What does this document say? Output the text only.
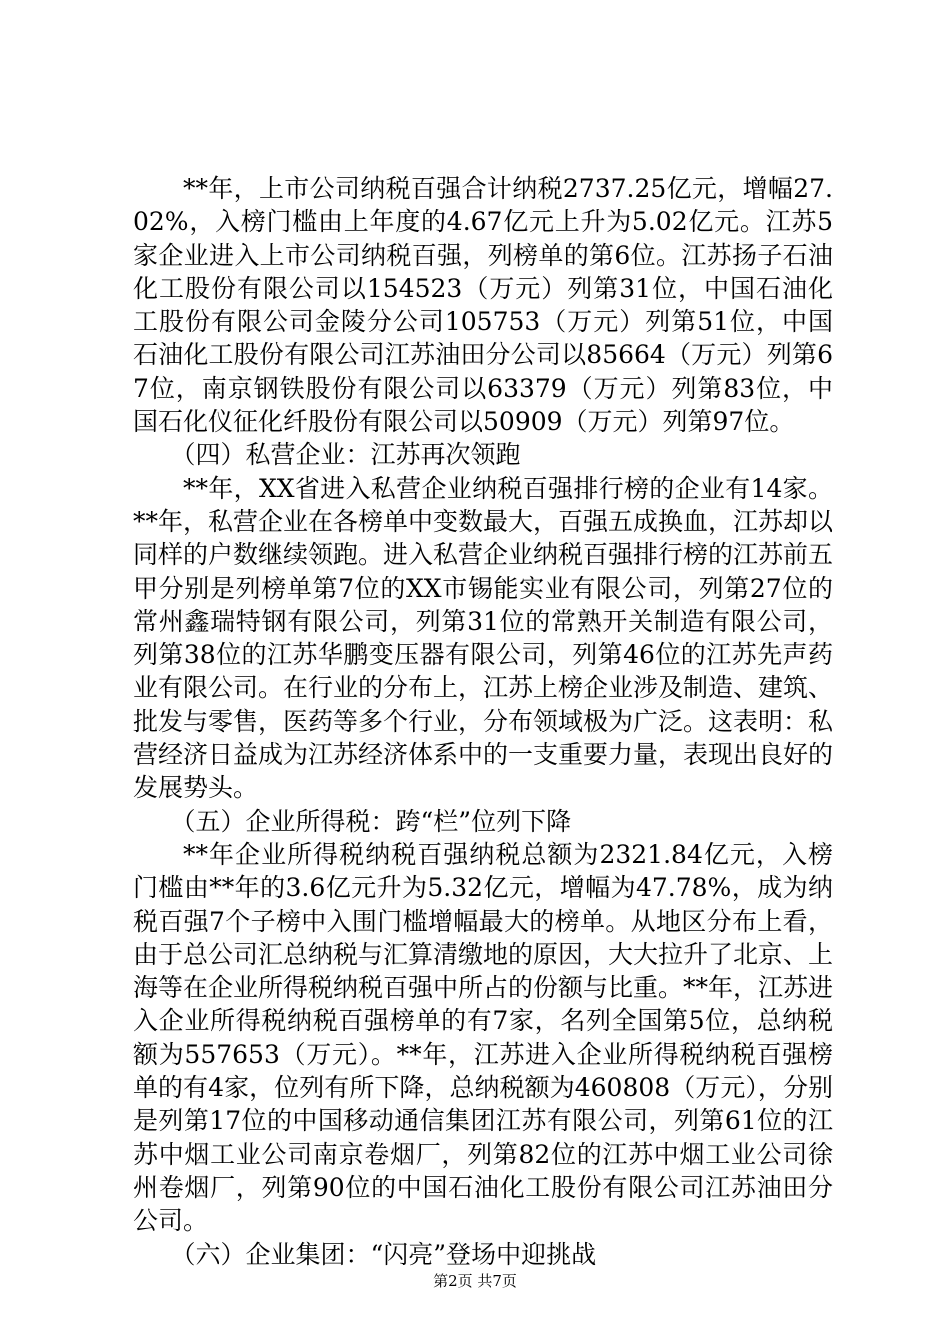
**年，上市公司纳税百强合计纳税2737.25亿元，增幅27.02%，入榜门槛由上年度的4.67亿元上升为5.02亿元。江苏5家企业进入上市公司纳税百强，列榜单的第6位。江苏扬子石油化工股份有限公司以154523（万元）列第31位，中国石油化工股份有限公司金陵分公司105753（万元）列第51位，中国石油化工股份有限公司江苏油田分公司以85664（万元）列第67位，南京钢铁股份有限公司以63379（万元）列第83位，中国石化仪征化纤股份有限公司以50909（万元）列第97位。

（四）私营企业：江苏再次领跑

**年，XX省进入私营企业纳税百强排行榜的企业有14家。**年，私营企业在各榜单中变数最大，百强五成换血，江苏却以同样的户数继续领跑。进入私营企业纳税百强排行榜的江苏前五甲分别是列榜单第7位的XX市锡能实业有限公司，列第27位的常州鑫瑞特钢有限公司，列第31位的常熟开关制造有限公司，列第38位的江苏华鹏变压器有限公司，列第46位的江苏先声药业有限公司。在行业的分布上，江苏上榜企业涉及制造、建筑、批发与零售，医药等多个行业，分布领域极为广泛。这表明：私营经济日益成为江苏经济体系中的一支重要力量，表现出良好的发展势头。

（五）企业所得税：跨“栏”位列下降

**年企业所得税纳税百强纳税总额为2321.84亿元，入榜门槛由**年的3.6亿元升为5.32亿元，增幅为47.78%，成为纳税百强7个子榜中入围门槛增幅最大的榜单。从地区分布上看，由于总公司汇总纳税与汇算清缴地的原因，大大拉升了北京、上海等在企业所得税纳税百强中所占的份额与比重。**年，江苏进入企业所得税纳税百强榜单的有7家，名列全国第5位，总纳税额为557653（万元）。**年，江苏进入企业所得税纳税百强榜单的有4家，位列有所下降，总纳税额为460808（万元），分别是列第17位的中国移动通信集团江苏有限公司，列第61位的江苏中烟工业公司南京卷烟厂，列第82位的江苏中烟工业公司徐州卷烟厂，列第90位的中国石油化工股份有限公司江苏油田分公司。

（六）企业集团：“闪亮”登场中迎挑战

第2页 共7页
